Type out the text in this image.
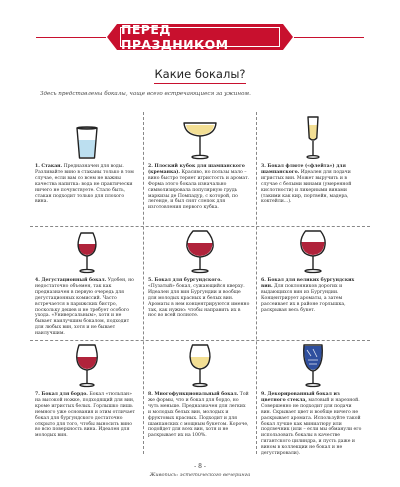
ПЕРЕД ПРАЗДНИКОМ
Какие бокалы?
Здесь представлены бокалы, чаще всего встречающиеся за ужином.
1. Стакан. Предназначен для воды. Разливайте вино в стаканы только в том случае, если вам со всем не важны качества напитка: вода не практически ничего не почувствуете. Стало быть, стакан подходит только для плохого вина.
2. Плоский кубок для шампанского (креманка). Красиво, но пользы мало – вино быстро теряет игристость и аромат. Форма этого бокала изначально символизировала популярную грудь маркизы де Помпадур, с которой, по легенде, и был снят слепок для изготовления первого кубка.
3. Бокал флюте («флейта») для шампанского. Идеален для подачи игристых вин. Может выручить и в случае с белыми винами (умеренной кислотности) и ликерными винами (такими как кир, портвейн, мадера, коктейли...).
4. Дегустационный бокал. Удобен, но недостаточно объемен, так как предназначен в первую очередь для дегустационных комиссий. Часто встречается в парижских бистро, поскольку дешев и не требует особого ухода. «Универсальным», хотя и не бывает наилучшим бокалом, подходит для любых вин, хотя и не бывает наилучшим.
5. Бокал для бургундского. «Пузатый» бокал, сужающийся кверху. Идеален для вин Бургундии и вообще для молодых красных и белых вин. Ароматы в нем концентрируются именно так, как нужно: чтобы направить их в нос во всей полноте.
6. Бокал для великих бургундских вин. Для поклонников дорогих и выдающихся вин из Бургундии. Концентрирует ароматы, а затем рассеивает их в районе горлышка, раскрывая весь букет.
7. Бокал для бордо. Бокал «тюльпан» на высокой ножке, подходящий для вин, кроме игристых белых. Горлышко лишь немного уже основания и этим отличает бокал для бургундского достаточно открыто для того, чтобы выносить вино во всю поверхность вина. Идеален для молодых вин.
8. Многофункциональный бокал. Той же формы, что и бокал для бордо, но чуть меньше. Предназначен для легких и молодых белых вин, молодых и фруктовых красных. Подходит и для шампанских с мощным букетом. Короче, подойдет для всех вин, хотя и не раскрывает их на 100%.
9. Декорированный бокал из цветного стекла, матовый и нарезной. Совершенно не подходит для подачи вин. Скрывает цвет и вообще ничего не раскрывает аромата. Используйте такой бокал лучше как миниатюру или подсвечник (или – если мы обманули его использовать бокалы в качестве гигантского цилиндра, и пусть даже и вином в коллекции не бокал и не дегустировали).
- 8 -
Живопись: эстетического вечеринга
